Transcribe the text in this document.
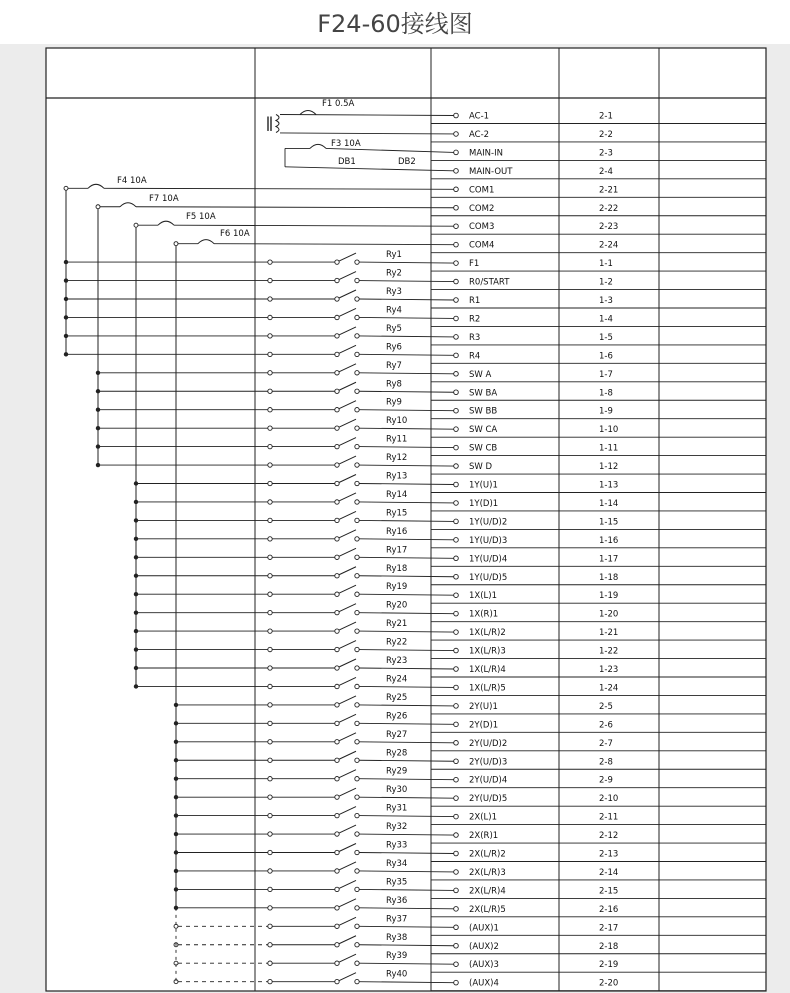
F24-60接线图
AC-1	2-1
AC-2	2-2
MAIN-IN	2-3
MAIN-OUT	2-4
COM1	2-21
COM2	2-22
COM3	2-23
COM4	2-24
F1	1-1
R0/START	1-2
R1	1-3
R2	1-4
R3	1-5
R4	1-6
SW A	1-7
SW BA	1-8
SW BB	1-9
SW CA	1-10
SW CB	1-11
SW D	1-12
1Y(U)1	1-13
1Y(D)1	1-14
1Y(U/D)2	1-15
1Y(U/D)3	1-16
1Y(U/D)4	1-17
1Y(U/D)5	1-18
1X(L)1	1-19
1X(R)1	1-20
1X(L/R)2	1-21
1X(L/R)3	1-22
1X(L/R)4	1-23
1X(L/R)5	1-24
2Y(U)1	2-5
2Y(D)1	2-6
2Y(U/D)2	2-7
2Y(U/D)3	2-8
2Y(U/D)4	2-9
2Y(U/D)5	2-10
2X(L)1	2-11
2X(R)1	2-12
2X(L/R)2	2-13
2X(L/R)3	2-14
2X(L/R)4	2-15
2X(L/R)5	2-16
(AUX)1	2-17
(AUX)2	2-18
(AUX)3	2-19
(AUX)4	2-20
Ry1
Ry2
Ry3
Ry4
Ry5
Ry6
Ry7
Ry8
Ry9
Ry10
Ry11
Ry12
Ry13
Ry14
Ry15
Ry16
Ry17
Ry18
Ry19
Ry20
Ry21
Ry22
Ry23
Ry24
Ry25
Ry26
Ry27
Ry28
Ry29
Ry30
Ry31
Ry32
Ry33
Ry34
Ry35
Ry36
Ry37
Ry38
Ry39
Ry40
F1 0.5A
F3 10A
DB1	DB2
F4 10A
F7 10A
F5 10A
F6 10A
